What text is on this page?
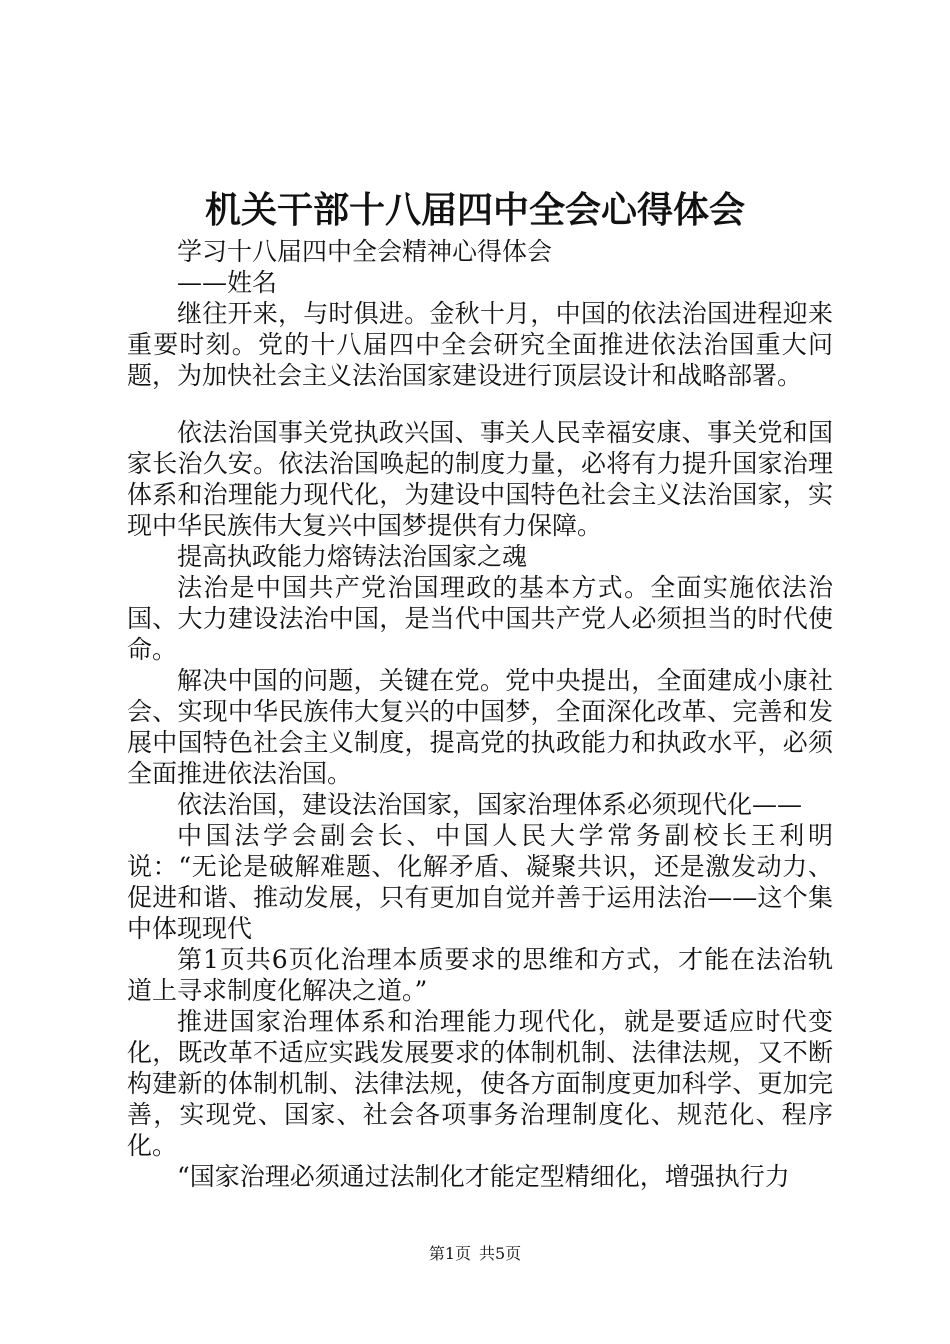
机关干部十八届四中全会心得体会

学习十八届四中全会精神心得体会

——姓名

继往开来，与时俱进。金秋十月，中国的依法治国进程迎来重要时刻。党的十八届四中全会研究全面推进依法治国重大问题，为加快社会主义法治国家建设进行顶层设计和战略部署。

依法治国事关党执政兴国、事关人民幸福安康、事关党和国家长治久安。依法治国唤起的制度力量，必将有力提升国家治理体系和治理能力现代化，为建设中国特色社会主义法治国家，实现中华民族伟大复兴中国梦提供有力保障。

提高执政能力熔铸法治国家之魂

法治是中国共产党治国理政的基本方式。全面实施依法治国、大力建设法治中国，是当代中国共产党人必须担当的时代使命。

解决中国的问题，关键在党。党中央提出，全面建成小康社会、实现中华民族伟大复兴的中国梦，全面深化改革、完善和发展中国特色社会主义制度，提高党的执政能力和执政水平，必须全面推进依法治国。

依法治国，建设法治国家，国家治理体系必须现代化——

中国法学会副会长、中国人民大学常务副校长王利明说：“无论是破解难题、化解矛盾、凝聚共识，还是激发动力、促进和谐、推动发展，只有更加自觉并善于运用法治——这个集中体现现代

第1页共6页化治理本质要求的思维和方式，才能在法治轨道上寻求制度化解决之道。”

推进国家治理体系和治理能力现代化，就是要适应时代变化，既改革不适应实践发展要求的体制机制、法律法规，又不断构建新的体制机制、法律法规，使各方面制度更加科学、更加完善，实现党、国家、社会各项事务治理制度化、规范化、程序化。

“国家治理必须通过法制化才能定型精细化，增强执行力

第1页 共5页
